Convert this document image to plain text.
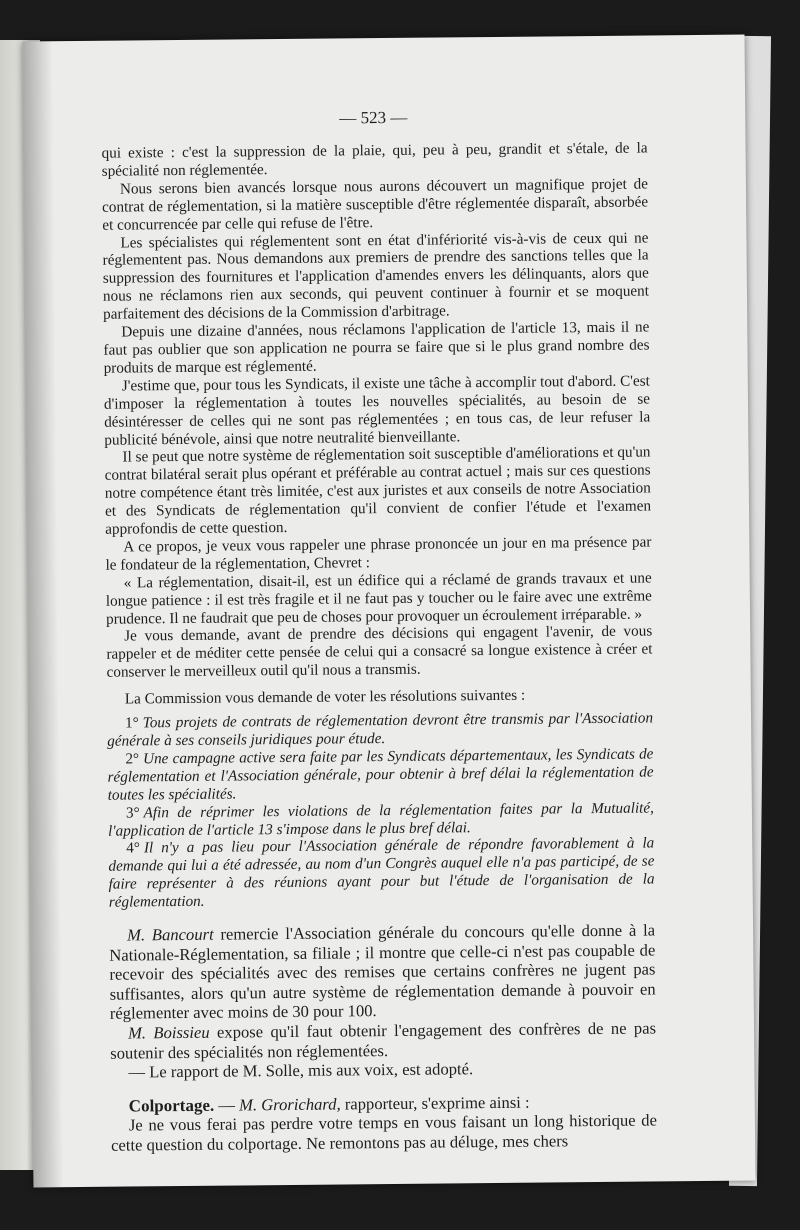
— 523 —

qui existe : c'est la suppression de la plaie, qui, peu à peu, grandit et s'étale, de la spécialité non réglementée.

Nous serons bien avancés lorsque nous aurons découvert un magnifique projet de contrat de réglementation, si la matière susceptible d'être réglementée disparaît, absorbée et concurrencée par celle qui refuse de l'être.

Les spécialistes qui réglementent sont en état d'infériorité vis-à-vis de ceux qui ne réglementent pas. Nous demandons aux premiers de prendre des sanctions telles que la suppression des fournitures et l'application d'amendes envers les délinquants, alors que nous ne réclamons rien aux seconds, qui peuvent continuer à fournir et se moquent parfaitement des décisions de la Commission d'arbitrage.

Depuis une dizaine d'années, nous réclamons l'application de l'article 13, mais il ne faut pas oublier que son application ne pourra se faire que si le plus grand nombre des produits de marque est réglementé.

J'estime que, pour tous les Syndicats, il existe une tâche à accomplir tout d'abord. C'est d'imposer la réglementation à toutes les nouvelles spécialités, au besoin de se désintéresser de celles qui ne sont pas réglementées ; en tous cas, de leur refuser la publicité bénévole, ainsi que notre neutralité bienveillante.

Il se peut que notre système de réglementation soit susceptible d'améliorations et qu'un contrat bilatéral serait plus opérant et préférable au contrat actuel ; mais sur ces questions notre compétence étant très limitée, c'est aux juristes et aux conseils de notre Association et des Syndicats de réglementation qu'il convient de confier l'étude et l'examen approfondis de cette question.

A ce propos, je veux vous rappeler une phrase prononcée un jour en ma présence par le fondateur de la réglementation, Chevret :

« La réglementation, disait-il, est un édifice qui a réclamé de grands travaux et une longue patience : il est très fragile et il ne faut pas y toucher ou le faire avec une extrême prudence. Il ne faudrait que peu de choses pour provoquer un écroulement irréparable. »

Je vous demande, avant de prendre des décisions qui engagent l'avenir, de vous rappeler et de méditer cette pensée de celui qui a consacré sa longue existence à créer et conserver le merveilleux outil qu'il nous a transmis.

La Commission vous demande de voter les résolutions suivantes :

1° Tous projets de contrats de réglementation devront être transmis par l'Association générale à ses conseils juridiques pour étude.

2° Une campagne active sera faite par les Syndicats départementaux, les Syndicats de réglementation et l'Association générale, pour obtenir à bref délai la réglementation de toutes les spécialités.

3° Afin de réprimer les violations de la réglementation faites par la Mutualité, l'application de l'article 13 s'impose dans le plus bref délai.

4° Il n'y a pas lieu pour l'Association générale de répondre favorablement à la demande qui lui a été adressée, au nom d'un Congrès auquel elle n'a pas participé, de se faire représenter à des réunions ayant pour but l'étude de l'organisation de la réglementation.

M. Bancourt remercie l'Association générale du concours qu'elle donne à la Nationale-Réglementation, sa filiale ; il montre que celle-ci n'est pas coupable de recevoir des spécialités avec des remises que certains confrères ne jugent pas suffisantes, alors qu'un autre système de réglementation demande à pouvoir en réglementer avec moins de 30 pour 100.

M. Boissieu expose qu'il faut obtenir l'engagement des confrères de ne pas soutenir des spécialités non réglementées.

— Le rapport de M. Solle, mis aux voix, est adopté.

Colportage. — M. Grorichard, rapporteur, s'exprime ainsi :

Je ne vous ferai pas perdre votre temps en vous faisant un long historique de cette question du colportage. Ne remontons pas au déluge, mes chers
